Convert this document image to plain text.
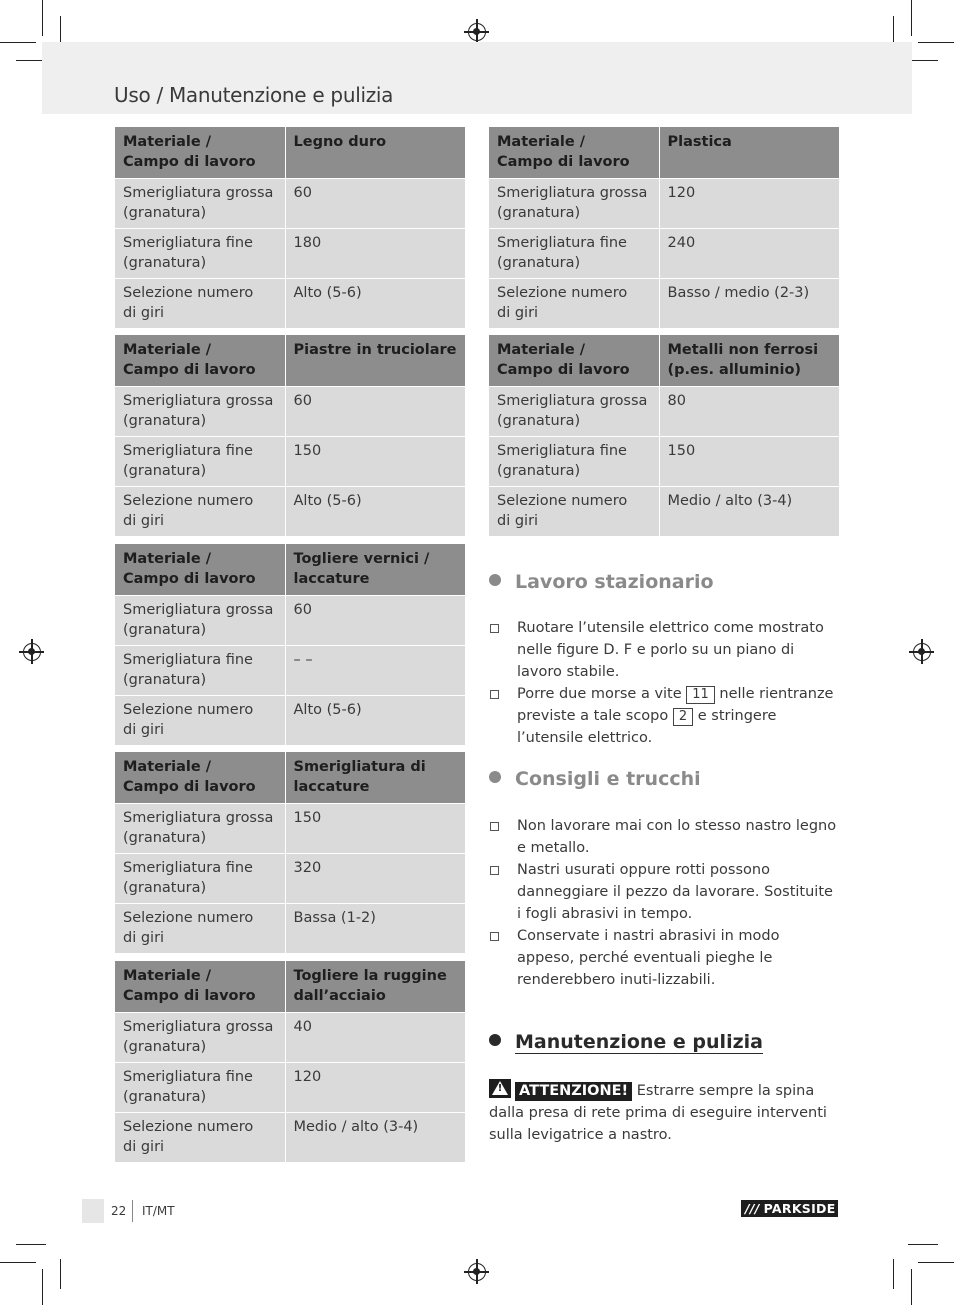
Uso / Manutenzione e pulizia
Materiale /
Campo di lavoro	Legno duro
Smerigliatura grossa
(granatura)	60
Smerigliatura fine
(granatura)	180
Selezione numero
di giri	Alto (5-6)
Materiale /
Campo di lavoro	Piastre in truciolare
Smerigliatura grossa
(granatura)	60
Smerigliatura fine
(granatura)	150
Selezione numero
di giri	Alto (5-6)
Materiale /
Campo di lavoro	Togliere vernici /
laccature
Smerigliatura grossa
(granatura)	60
Smerigliatura fine
(granatura)	– –
Selezione numero
di giri	Alto (5-6)
Materiale /
Campo di lavoro	Smerigliatura di
laccature
Smerigliatura grossa
(granatura)	150
Smerigliatura fine
(granatura)	320
Selezione numero
di giri	Bassa (1-2)
Materiale /
Campo di lavoro	Togliere la ruggine
dall’acciaio
Smerigliatura grossa
(granatura)	40
Smerigliatura fine
(granatura)	120
Selezione numero
di giri	Medio / alto (3-4)
Materiale /
Campo di lavoro	Plastica
Smerigliatura grossa
(granatura)	120
Smerigliatura fine
(granatura)	240
Selezione numero
di giri	Basso / medio (2-3)
Materiale /
Campo di lavoro	Metalli non ferrosi
(p.es. alluminio)
Smerigliatura grossa
(granatura)	80
Smerigliatura fine
(granatura)	150
Selezione numero
di giri	Medio / alto (3-4)
Lavoro stazionario
Ruotare l’utensile elettrico come mostrato nelle figure D. F e porlo su un piano di lavoro stabile.
Porre due morse a vite 11 nelle rientranze previste a tale scopo 2 e stringere l’utensile elettrico.
Consigli e trucchi
Non lavorare mai con lo stesso nastro legno e metallo.
Nastri usurati oppure rotti possono danneggiare il pezzo da lavorare. Sostituite i fogli abrasivi in tempo.
Conservate i nastri abrasivi in modo appeso, perché eventuali pieghe le renderebbero inuti-lizzabili.
Manutenzione e pulizia
!	ATTENZIONE! Estrarre sempre la spina dalla presa di rete prima di eseguire interventi sulla levigatrice a nastro.
22 IT/MT	/// PARKSIDE
